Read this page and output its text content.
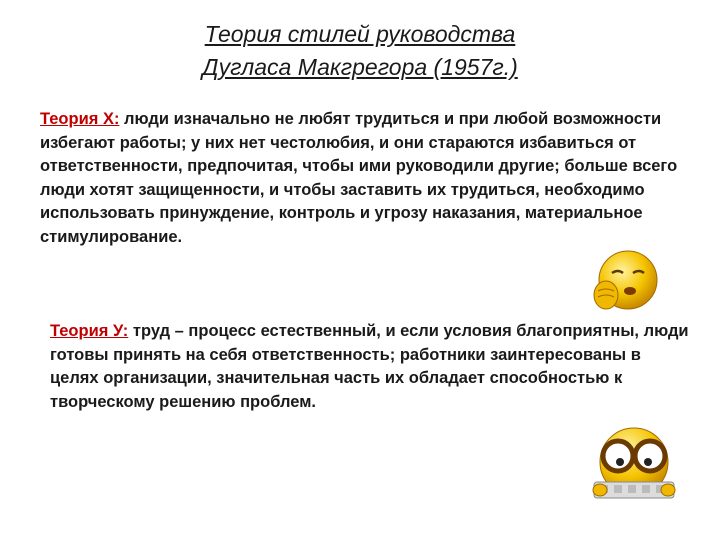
Теория стилей руководства
Дугласа Макгрегора (1957г.)
Теория Х: люди изначально не любят трудиться и при любой возможности избегают работы; у них нет честолюбия, и они стараются избавиться от ответственности, предпочитая, чтобы ими руководили другие; больше всего люди хотят защищенности, и чтобы заставить их трудиться, необходимо использовать принуждение, контроль и угрозу наказания, материальное стимулирование.
Теория У: труд – процесс естественный, и если условия благоприятны, люди готовы принять на себя ответственность; работники заинтересованы в целях организации, значительная часть их обладает способностью к творческому решению проблем.
